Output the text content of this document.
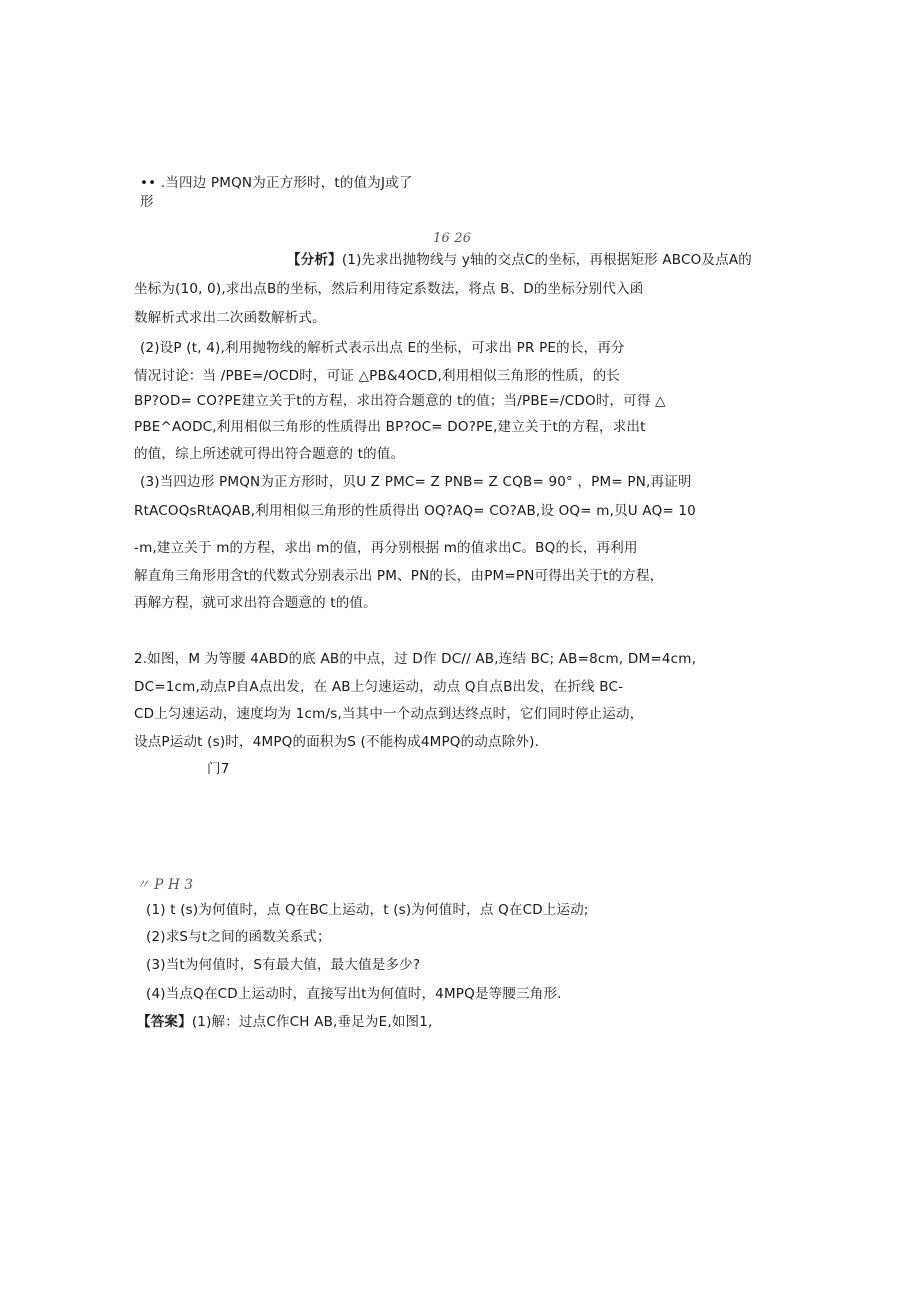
•• .当四边 PMQN为正方形时，t的值为J或了
形
16 26
【分析】(1)先求出抛物线与 y轴的交点C的坐标，再根据矩形 ABCO及点A的
坐标为(10, 0),求出点B的坐标，然后利用待定系数法，将点 B、D的坐标分别代入函
数解析式求出二次函数解析式。
(2)设P (t, 4),利用抛物线的解析式表示出点 E的坐标，可求出 PR PE的长，再分
情况讨论：当 /PBE=/OCD时，可证 △PB&4OCD,利用相似三角形的性质，的长
BP?OD= CO?PE建立关于t的方程，求出符合题意的 t的值；当/PBE=/CDO时，可得 △
PBE^AODC,利用相似三角形的性质得出 BP?OC= DO?PE,建立关于t的方程，求出t
的值，综上所述就可得出符合题意的 t的值。
(3)当四边形 PMQN为正方形时，贝U Z PMC= Z PNB= Z CQB= 90° ，PM= PN,再证明
RtACOQsRtAQAB,利用相似三角形的性质得出 OQ?AQ= CO?AB,设 OQ= m,贝U AQ= 10
-m,建立关于 m的方程，求出 m的值，再分别根据 m的值求出C。BQ的长，再利用
解直角三角形用含t的代数式分别表示出 PM、PN的长，由PM=PN可得出关于t的方程，
再解方程，就可求出符合题意的 t的值。
2.如图，M 为等腰 4ABD的底 AB的中点，过 D作 DC// AB,连结 BC; AB=8cm, DM=4cm,
DC=1cm,动点P自A点出发，在 AB上匀速运动，动点 Q自点B出发，在折线 BC-
CD上匀速运动，速度均为 1cm/s,当其中一个动点到达终点时，它们同时停止运动，
设点P运动t (s)时，4MPQ的面积为S (不能构成4MPQ的动点除外).
门7
〃 P H 3
(1) t (s)为何值时，点 Q在BC上运动，t (s)为何值时，点 Q在CD上运动;
(2)求S与t之间的函数关系式；
(3)当t为何值时，S有最大值，最大值是多少?
(4)当点Q在CD上运动时，直接写出t为何值时，4MPQ是等腰三角形.
【答案】(1)解：过点C作CH AB,垂足为E,如图1,
